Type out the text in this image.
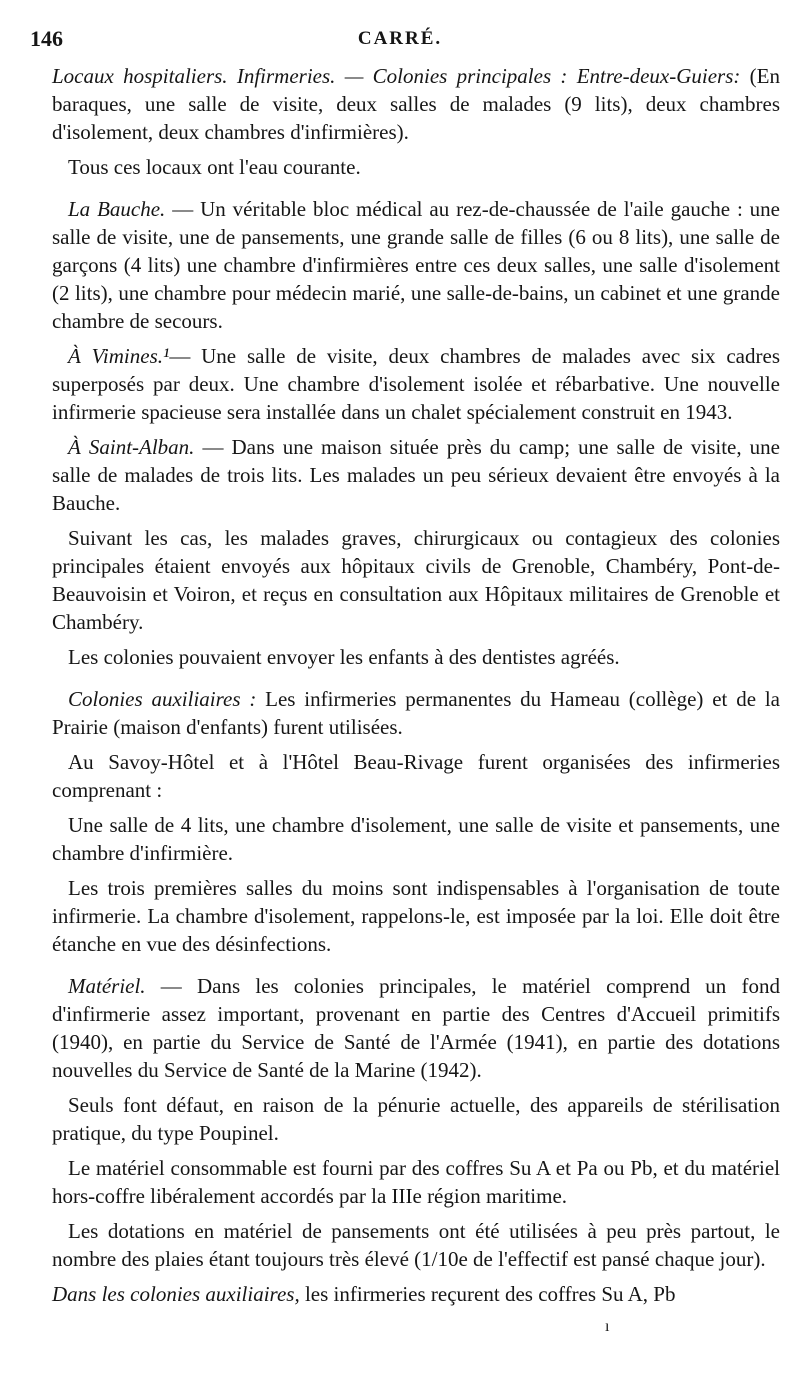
146	CARRÉ.

Locaux hospitaliers. Infirmeries. — Colonies principales : Entre-deux-Guiers: (En baraques, une salle de visite, deux salles de malades (9 lits), deux chambres d'isolement, deux chambres d'infirmières).

Tous ces locaux ont l'eau courante.

La Bauche. — Un véritable bloc médical au rez-de-chaussée de l'aile gauche : une salle de visite, une de pansements, une grande salle de filles (6 ou 8 lits), une salle de garçons (4 lits) une chambre d'infirmières entre ces deux salles, une salle d'isolement (2 lits), une chambre pour médecin marié, une salle-de-bains, un cabinet et une grande chambre de secours.

À Vimines.¹— Une salle de visite, deux chambres de malades avec six cadres superposés par deux. Une chambre d'isolement isolée et rébarbative. Une nouvelle infirmerie spacieuse sera installée dans un chalet spécialement construit en 1943.

À Saint-Alban. — Dans une maison située près du camp; une salle de visite, une salle de malades de trois lits. Les malades un peu sérieux devaient être envoyés à la Bauche.

Suivant les cas, les malades graves, chirurgicaux ou contagieux des colonies principales étaient envoyés aux hôpitaux civils de Grenoble, Chambéry, Pont-de-Beauvoisin et Voiron, et reçus en consultation aux Hôpitaux militaires de Grenoble et Chambéry.

Les colonies pouvaient envoyer les enfants à des dentistes agréés.

Colonies auxiliaires : Les infirmeries permanentes du Hameau (collège) et de la Prairie (maison d'enfants) furent utilisées.

Au Savoy-Hôtel et à l'Hôtel Beau-Rivage furent organisées des infirmeries comprenant :

Une salle de 4 lits, une chambre d'isolement, une salle de visite et pansements, une chambre d'infirmière.

Les trois premières salles du moins sont indispensables à l'organisation de toute infirmerie. La chambre d'isolement, rappelons-le, est imposée par la loi. Elle doit être étanche en vue des désinfections.

Matériel. — Dans les colonies principales, le matériel comprend un fond d'infirmerie assez important, provenant en partie des Centres d'Accueil primitifs (1940), en partie du Service de Santé de l'Armée (1941), en partie des dotations nouvelles du Service de Santé de la Marine (1942).

Seuls font défaut, en raison de la pénurie actuelle, des appareils de stérilisation pratique, du type Poupinel.

Le matériel consommable est fourni par des coffres Su A et Pa ou Pb, et du matériel hors-coffre libéralement accordés par la IIIe région maritime.

Les dotations en matériel de pansements ont été utilisées à peu près partout, le nombre des plaies étant toujours très élevé (1/10e de l'effectif est pansé chaque jour).

Dans les colonies auxiliaires, les infirmeries reçurent des coffres Su A, Pb

ı
